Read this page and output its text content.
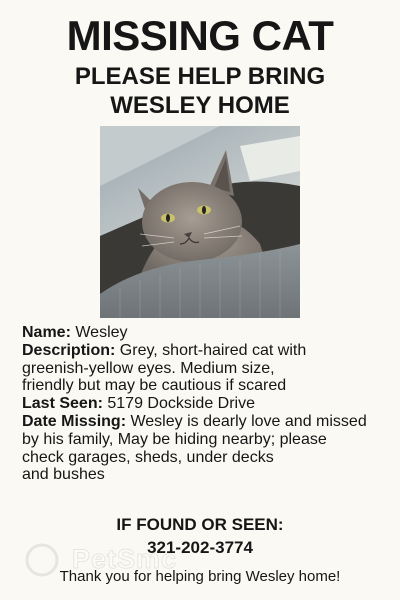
MISSING CAT
PLEASE HELP BRING
WESLEY HOME

Name: Wesley

Description: Grey, short-haired cat with

greenish-yellow eyes. Medium size,

friendly but may be cautious if scared

Last Seen: 5179 Dockside Drive

Date Missing: Wesley is dearly love and missed

by his family, May be hiding nearby; please

check garages, sheds, under decks

and bushes

PetSmc
IF FOUND OR SEEN:
321-202-3774
Thank you for helping bring Wesley home!
